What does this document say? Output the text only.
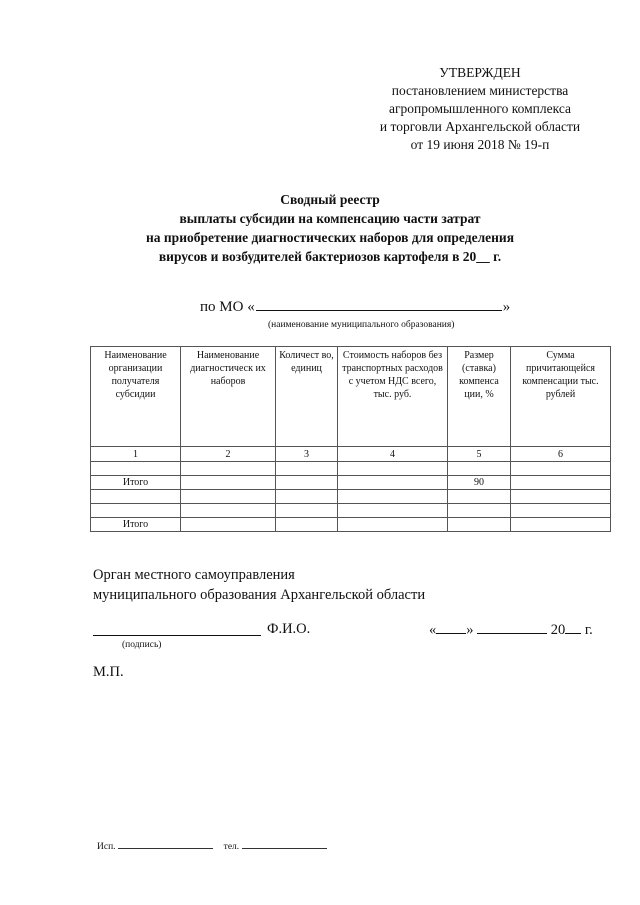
УТВЕРЖДЕН
постановлением министерства
агропромышленного комплекса
и торговли Архангельской области
от 19 июня 2018 № 19-п
Сводный реестр
выплаты субсидии на компенсацию части затрат
на приобретение диагностических наборов для определения
вирусов и возбудителей бактериозов картофеля в 20__ г.
по МО «	»
(наименование муниципального образования)
Наименование организации получателя субсидии	Наименование диагностическ их наборов	Количест во, единиц	Стоимость наборов без транспортных расходов с учетом НДС всего, тыс. руб.	Размер (ставка) компенса ции, %	Сумма причитающейся компенсации тыс. рублей
1	2	3	4	5	6

Итого				90	

Итого					
Орган местного самоуправления
муниципального образования Архангельской области
Ф.И.О.	« »	20 г.
(подпись)
М.П.
Исп.	тел.
